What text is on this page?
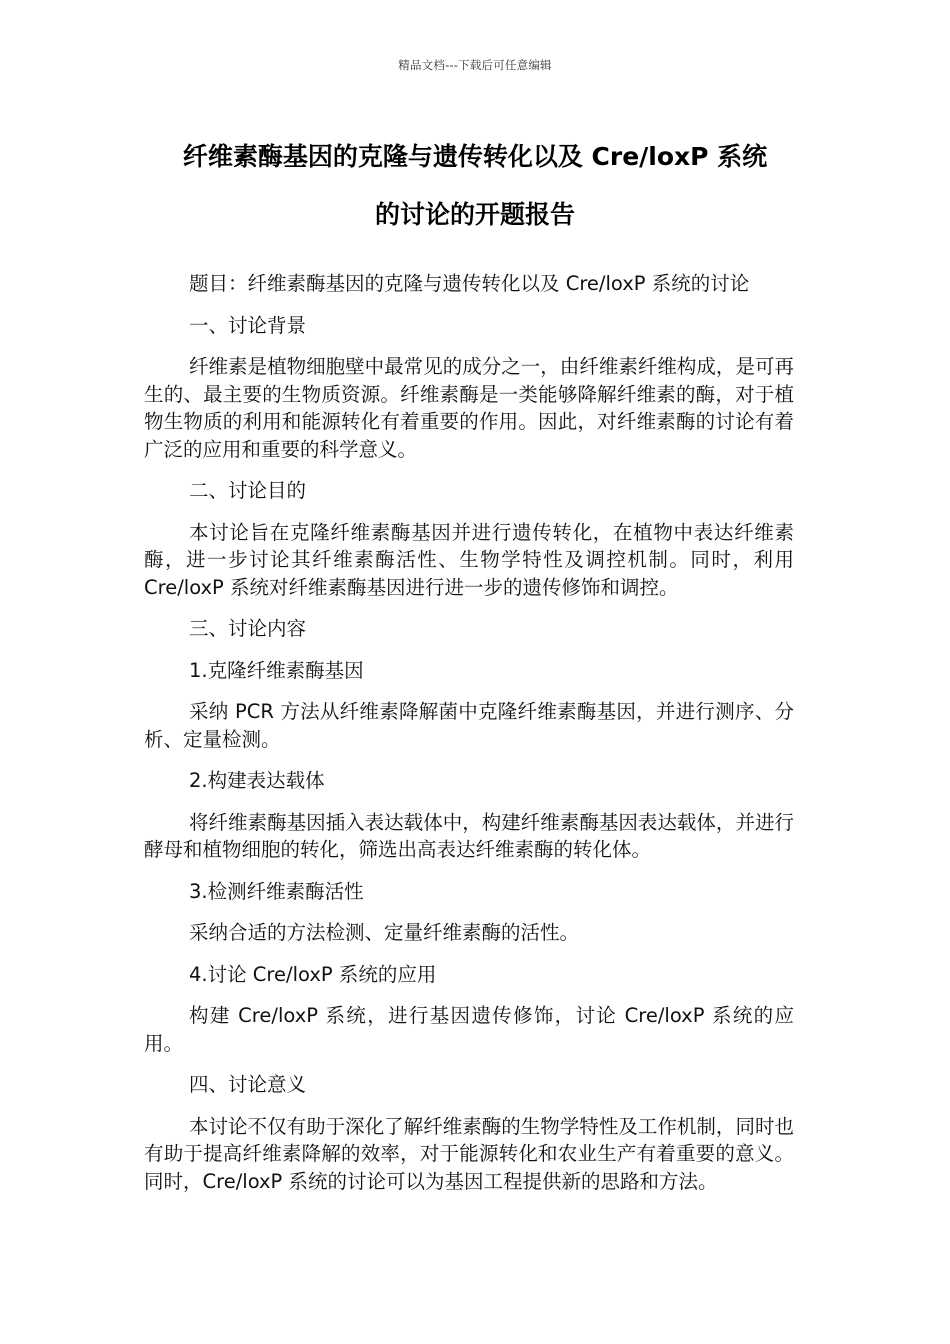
精品文档---下载后可任意编辑
纤维素酶基因的克隆与遗传转化以及 Cre/loxP 系统
的讨论的开题报告

题目：纤维素酶基因的克隆与遗传转化以及 Cre/loxP 系统的讨论

一、讨论背景

纤维素是植物细胞壁中最常见的成分之一，由纤维素纤维构成，是可再生的、最主要的生物质资源。纤维素酶是一类能够降解纤维素的酶，对于植物生物质的利用和能源转化有着重要的作用。因此，对纤维素酶的讨论有着广泛的应用和重要的科学意义。

二、讨论目的

本讨论旨在克隆纤维素酶基因并进行遗传转化，在植物中表达纤维素酶，进一步讨论其纤维素酶活性、生物学特性及调控机制。同时，利用 Cre/loxP 系统对纤维素酶基因进行进一步的遗传修饰和调控。

三、讨论内容

1.克隆纤维素酶基因

采纳 PCR 方法从纤维素降解菌中克隆纤维素酶基因，并进行测序、分析、定量检测。

2.构建表达载体

将纤维素酶基因插入表达载体中，构建纤维素酶基因表达载体，并进行酵母和植物细胞的转化，筛选出高表达纤维素酶的转化体。

3.检测纤维素酶活性

采纳合适的方法检测、定量纤维素酶的活性。

4.讨论 Cre/loxP 系统的应用

构建 Cre/loxP 系统，进行基因遗传修饰，讨论 Cre/loxP 系统的应用。

四、讨论意义

本讨论不仅有助于深化了解纤维素酶的生物学特性及工作机制，同时也有助于提高纤维素降解的效率，对于能源转化和农业生产有着重要的意义。同时，Cre/loxP 系统的讨论可以为基因工程提供新的思路和方法。
